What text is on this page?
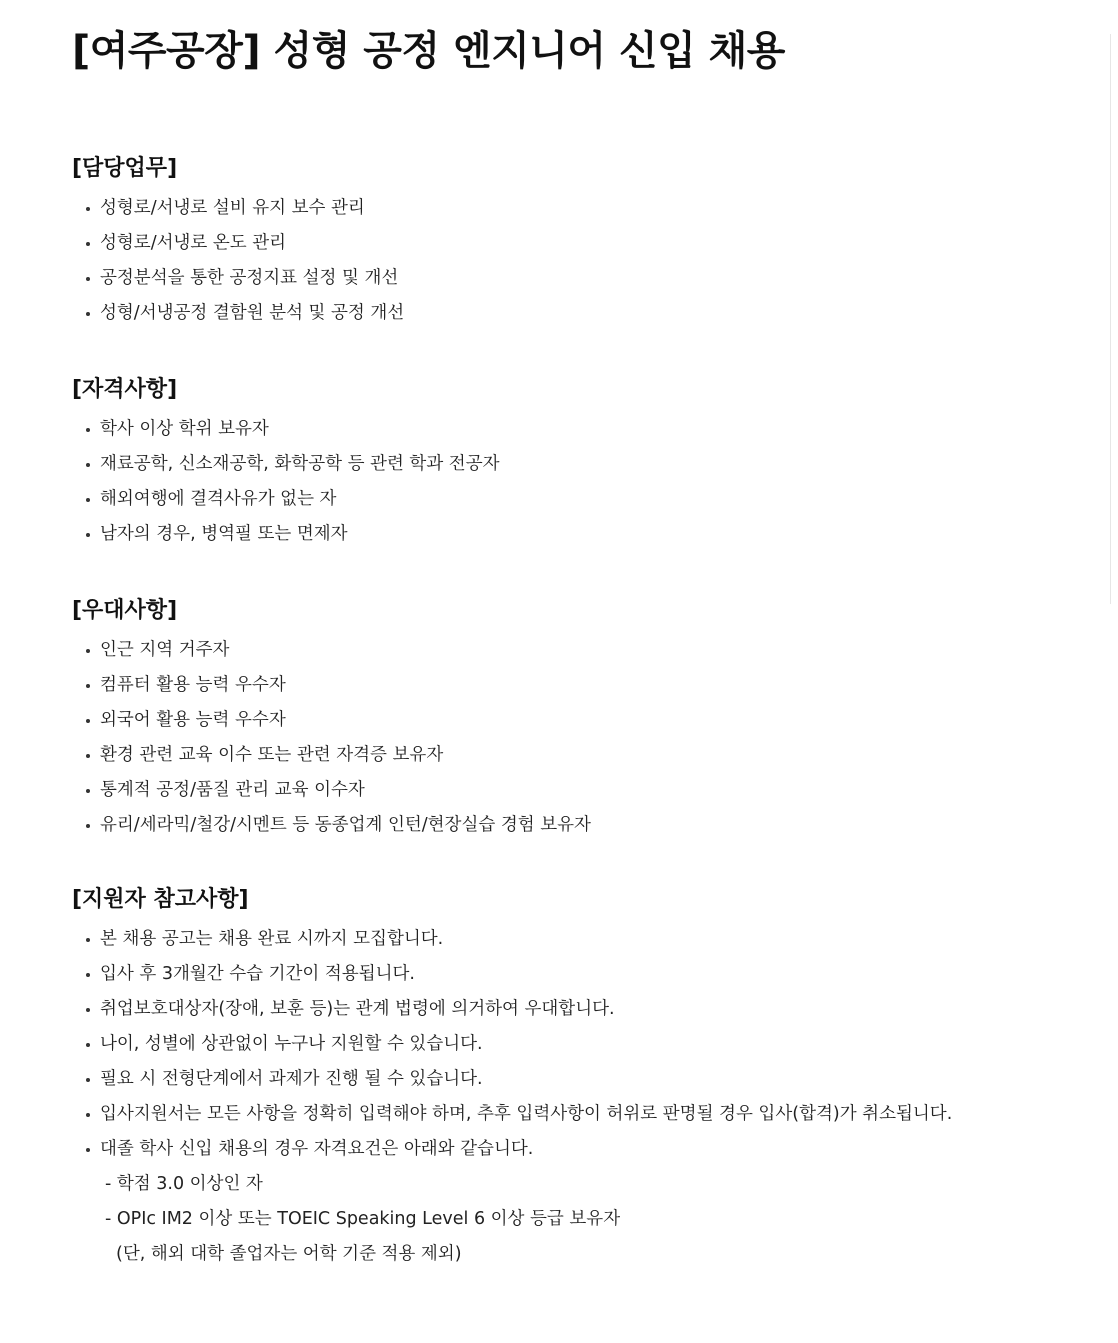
[여주공장] 성형 공정 엔지니어 신입 채용
[담당업무]
성형로/서냉로 설비 유지 보수 관리
성형로/서냉로 온도 관리
공정분석을 통한 공정지표 설정 및 개선
성형/서냉공정 결함원 분석 및 공정 개선
[자격사항]
학사 이상 학위 보유자
재료공학, 신소재공학, 화학공학 등 관련 학과 전공자
해외여행에 결격사유가 없는 자
남자의 경우, 병역필 또는 면제자
[우대사항]
인근 지역 거주자
컴퓨터 활용 능력 우수자
외국어 활용 능력 우수자
환경 관련 교육 이수 또는 관련 자격증 보유자
통계적 공정/품질 관리 교육 이수자
유리/세라믹/철강/시멘트 등 동종업계 인턴/현장실습 경험 보유자
[지원자 참고사항]
본 채용 공고는 채용 완료 시까지 모집합니다.
입사 후 3개월간 수습 기간이 적용됩니다.
취업보호대상자(장애, 보훈 등)는 관계 법령에 의거하여 우대합니다.
나이, 성별에 상관없이 누구나 지원할 수 있습니다.
필요 시 전형단계에서 과제가 진행 될 수 있습니다.
입사지원서는 모든 사항을 정확히 입력해야 하며, 추후 입력사항이 허위로 판명될 경우 입사(합격)가 취소됩니다.
대졸 학사 신입 채용의 경우 자격요건은 아래와 같습니다.
- 학점 3.0 이상인 자
- OPIc IM2 이상 또는 TOEIC Speaking Level 6 이상 등급 보유자
(단, 해외 대학 졸업자는 어학 기준 적용 제외)
